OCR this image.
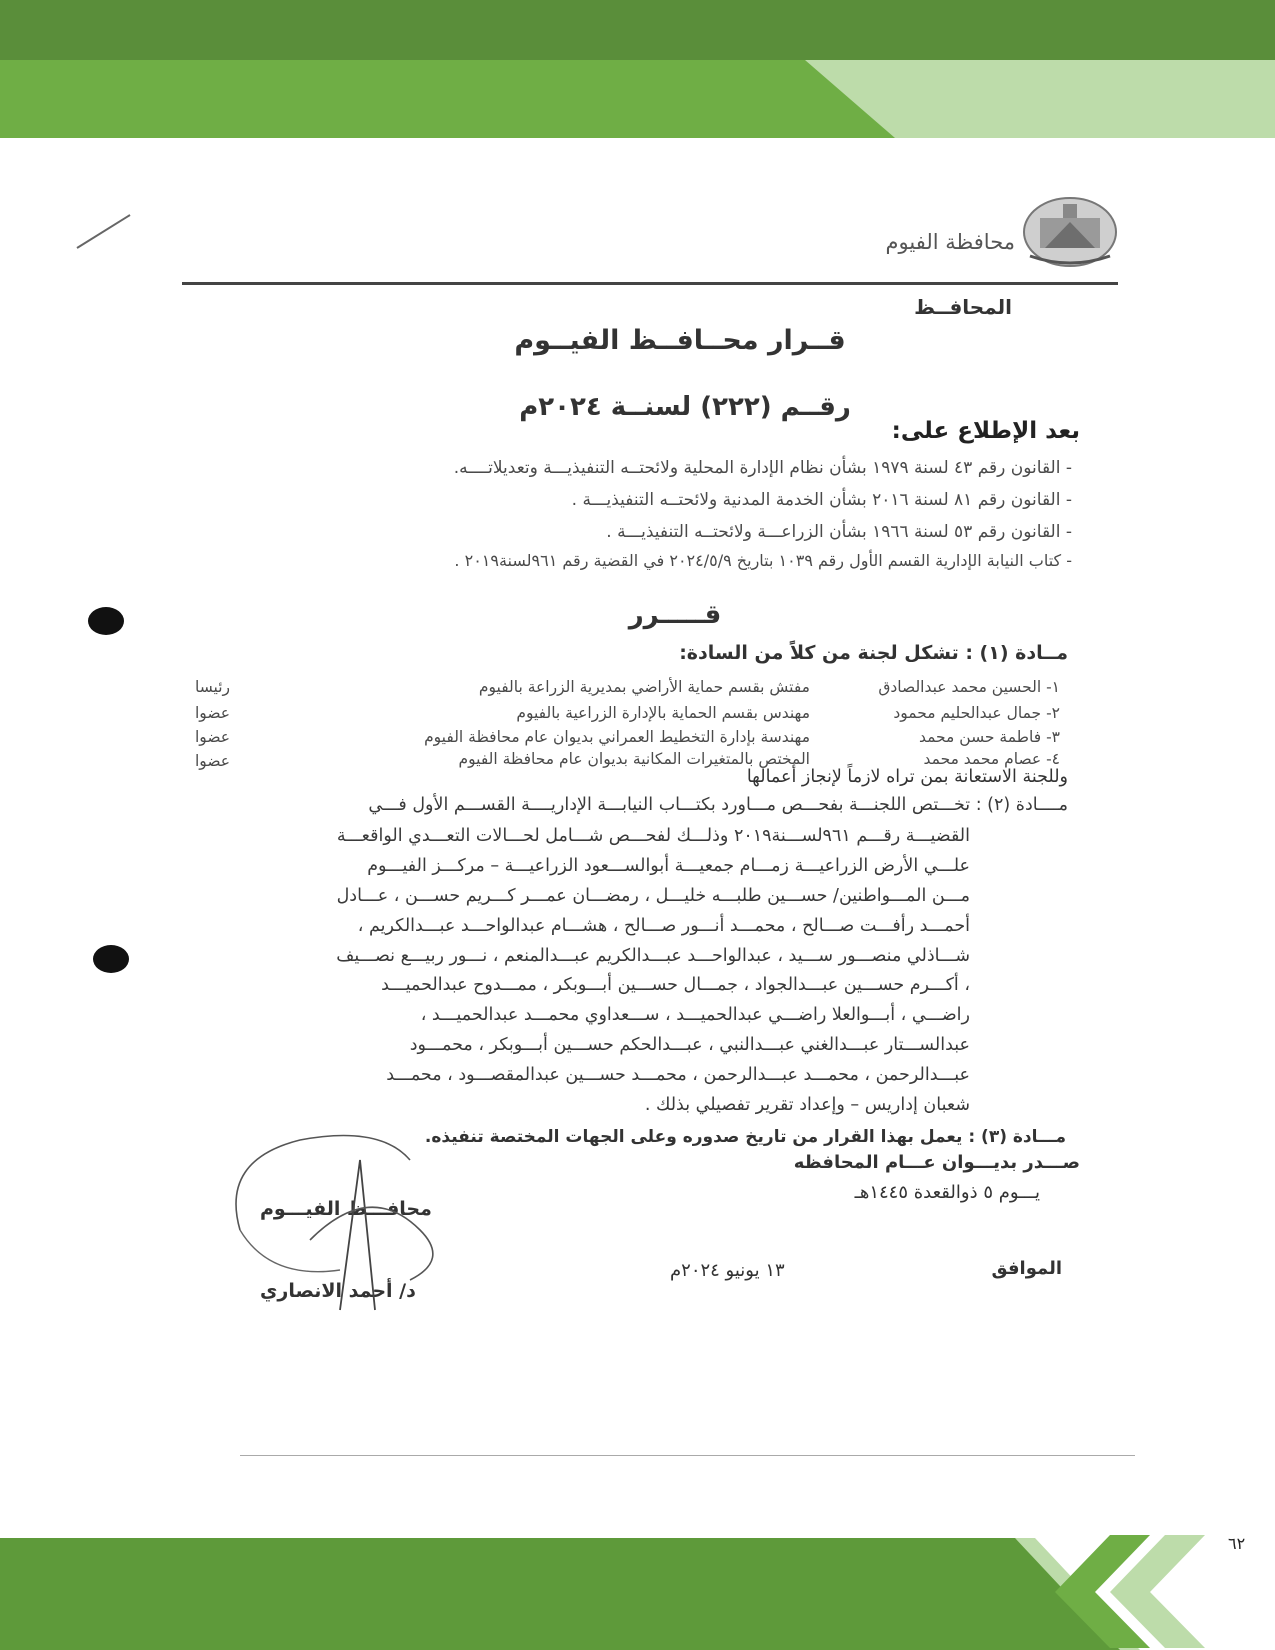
محافظة الفيوم
المحافــظ
قــرار محــافــظ الفيــوم
رقــم (٢٢٢) لسنــة ٢٠٢٤م
بعد الإطلاع على:
- القانون رقم ٤٣ لسنة ١٩٧٩ بشأن نظام الإدارة المحلية ولائحتــه التنفيذيـــة وتعديلاتــــه.
- القانون رقم ٨١ لسنة ٢٠١٦ بشأن الخدمة المدنية ولائحتــه التنفيذيـــة .
- القانون رقم ٥٣ لسنة ١٩٦٦ بشأن الزراعـــة ولائحتــه التنفيذيـــة .
- كتاب النيابة الإدارية القسم الأول رقم ١٠٣٩ بتاريخ ٢٠٢٤/٥/٩ في القضية رقم ٩٦١لسنة٢٠١٩ .
قـــــرر
مــادة (١) : تشكل لجنة من كلاً من السادة:
١- الحسين محمد عبدالصادق
مفتش بقسم حماية الأراضي بمديرية الزراعة بالفيوم
رئيسا
٢- جمال عبدالحليم محمود
مهندس بقسم الحماية بالإدارة الزراعية بالفيوم
عضوا
٣- فاطمة حسن محمد
مهندسة بإدارة التخطيط العمراني بديوان عام محافظة الفيوم
عضوا
٤- عصام محمد محمد
المختص بالمتغيرات المكانية بديوان عام محافظة الفيوم
عضوا
وللجنة الاستعانة بمن تراه لازماً لإنجاز أعمالها
مــــادة (٢) : تخـــتص اللجنـــة بفحـــص مـــاورد بكتـــاب النيابـــة الإداريــــة القســـم الأول فـــي
القضيـــة رقـــم ٩٦١لســـنة٢٠١٩ وذلـــك لفحـــص شـــامل لحـــالات التعـــدي الواقعـــة
علـــي الأرض الزراعيـــة زمـــام جمعيـــة أبوالســـعود الزراعيـــة – مركـــز الفيـــوم
مـــن المـــواطنين/ حســـين طلبـــه خليـــل ، رمضـــان عمـــر كـــريم حســـن ، عـــادل
أحمـــد رأفـــت صـــالح ، محمـــد أنـــور صـــالح ، هشـــام عبدالواحـــد عبـــدالكريم ،
شـــاذلي منصـــور ســـيد ، عبدالواحـــد عبـــدالكريم عبـــدالمنعم ، نـــور ربيـــع نصـــيف
، أكـــرم حســـين عبـــدالجواد ، جمـــال حســـين أبـــوبكر ، ممـــدوح عبدالحميـــد
راضـــي ، أبـــوالعلا راضـــي عبدالحميـــد ، ســـعداوي محمـــد عبدالحميـــد ،
عبدالســـتار عبـــدالغني عبـــدالنبي ، عبـــدالحكم حســـين أبـــوبكر ، محمـــود
عبـــدالرحمن ، محمـــد عبـــدالرحمن ، محمـــد حســـين عبدالمقصـــود ، محمـــد
شعبان إداريس – وإعداد تقرير تفصيلي بذلك .
مـــادة (٣) : يعمل بهذا القرار من تاريخ صدوره وعلى الجهات المختصة تنفيذه.
صـــدر بديـــوان عـــام المحافظه
يـــوم ٥ ذوالقعدة ١٤٤٥هـ
محافـــظ الفيـــوم
الموافق
١٣ يونيو ٢٠٢٤م
د/ أحمد الانصاري
٦٢
